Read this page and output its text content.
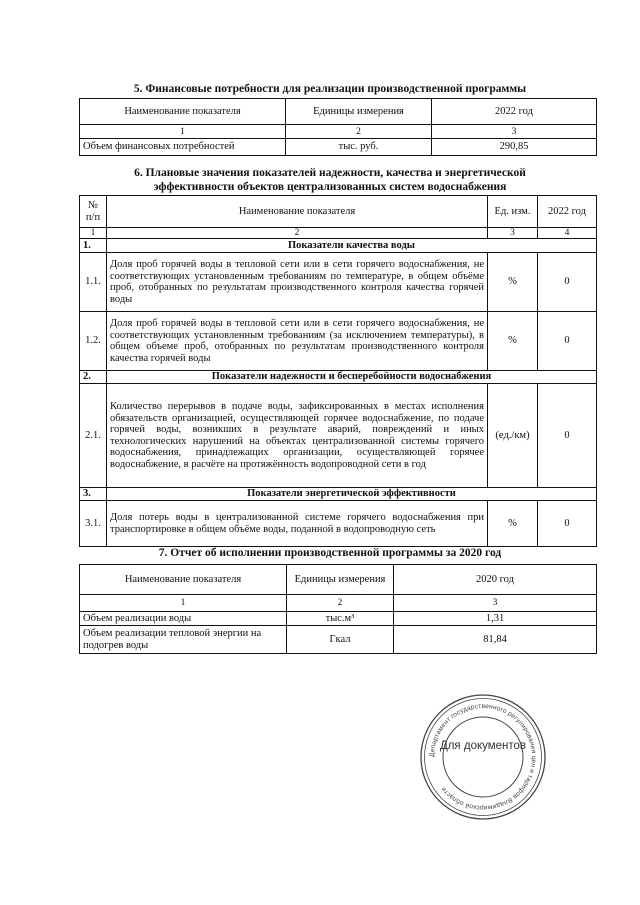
5. Финансовые потребности для реализации производственной программы
Наименование показателя	Единицы измерения	2022 год
1	2	3
Объем финансовых потребностей	тыс. руб.	290,85
6. Плановые значения показателей надежности, качества и энергетической
эффективности объектов централизованных систем водоснабжения
№ п/п	Наименование показателя	Ед. изм.	2022 год
1	2	3	4
1.	Показатели качества воды		
1.1.	Доля проб горячей воды в тепловой сети или в сети горячего водоснабжения, не соответствующих установленным требованиям по температуре, в общем объёме проб, отобранных по результатам производственного контроля качества горячей воды	%	0
1.2.	Доля проб горячей воды в тепловой сети или в сети горячего водоснабжения, не соответствующих установленным требованиям (за исключением температуры), в общем объеме проб, отобранных по результатам производственного контроля качества горячей воды	%	0
2.	Показатели надежности и бесперебойности водоснабжения		
2.1.	Количество перерывов в подаче воды, зафиксированных в местах исполнения обязательств организацией, осуществляющей горячее водоснабжение, по подаче горячей воды, возникших в результате аварий, повреждений и иных технологических нарушений на объектах централизованной системы горячего водоснабжения, принадлежащих организации, осуществляющей горячее водоснабжение, в расчёте на протяжённость водопроводной сети в год	(ед./км)	0
3.	Показатели энергетической эффективности		
3.1.	Доля потерь воды в централизованной системе горячего водоснабжения при транспортировке в общем объёме воды, поданной в водопроводную сеть	%	0
7. Отчет об исполнении производственной программы за 2020 год
Наименование показателя	Единицы измерения	2020 год
1	2	3
Объем реализации воды	тыс.м³	1,31
Объем реализации тепловой энергии на подогрев воды	Гкал	81,84
Департамент государственного регулирования цен и тарифов Владимирской области
Для документов
